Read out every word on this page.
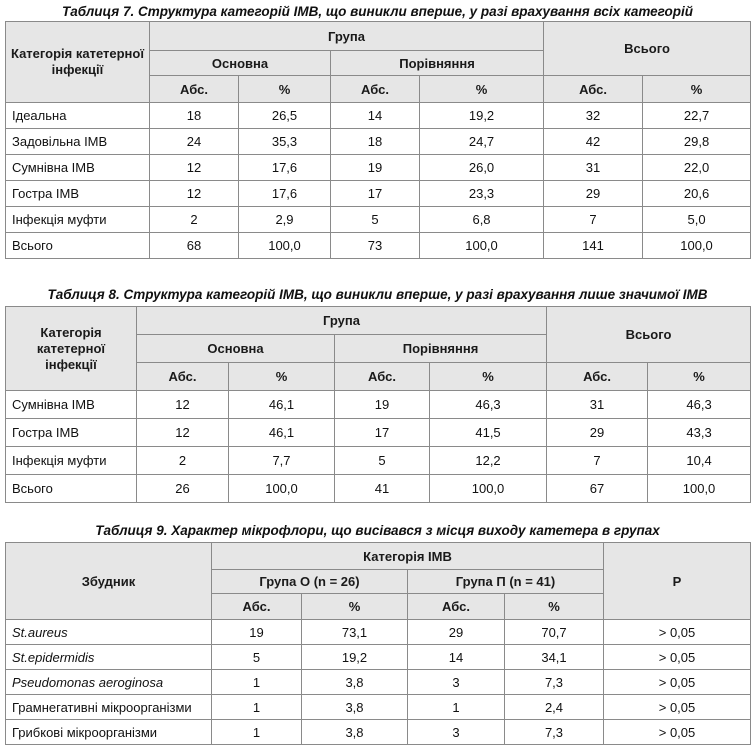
Таблиця 7. Структура категорій ІМВ, що виникли вперше, у разі врахування всіх категорій
Категорія катетерної інфекції	Група				Всього	
	Основна		Порівняння			
	Абс.	%	Абс.	%	Абс.	%
Ідеальна	18	26,5	14	19,2	32	22,7
Задовільна ІМВ	24	35,3	18	24,7	42	29,8
Сумнівна ІМВ	12	17,6	19	26,0	31	22,0
Гостра ІМВ	12	17,6	17	23,3	29	20,6
Інфекція муфти	2	2,9	5	6,8	7	5,0
Всього	68	100,0	73	100,0	141	100,0
Таблиця 8. Структура категорій ІМВ, що виникли вперше, у разі врахування лише значимої ІМВ
Категорія катетерної інфекції	Група				Всього	
	Основна		Порівняння			
	Абс.	%	Абс.	%	Абс.	%
Сумнівна ІМВ	12	46,1	19	46,3	31	46,3
Гостра ІМВ	12	46,1	17	41,5	29	43,3
Інфекція муфти	2	7,7	5	12,2	7	10,4
Всього	26	100,0	41	100,0	67	100,0
Таблиця 9. Характер мікрофлори, що висівався з місця виходу катетера в групах
Збудник	Категорія ІМВ				P
	Група О (n = 26)		Група П (n = 41)		
	Абс.	%	Абс.	%	
St.aureus	19	73,1	29	70,7	> 0,05
St.epidermidis	5	19,2	14	34,1	> 0,05
Pseudomonas aeroginosa	1	3,8	3	7,3	> 0,05
Грамнегативні мікроорганізми	1	3,8	1	2,4	> 0,05
Грибкові мікроорганізми	1	3,8	3	7,3	> 0,05
